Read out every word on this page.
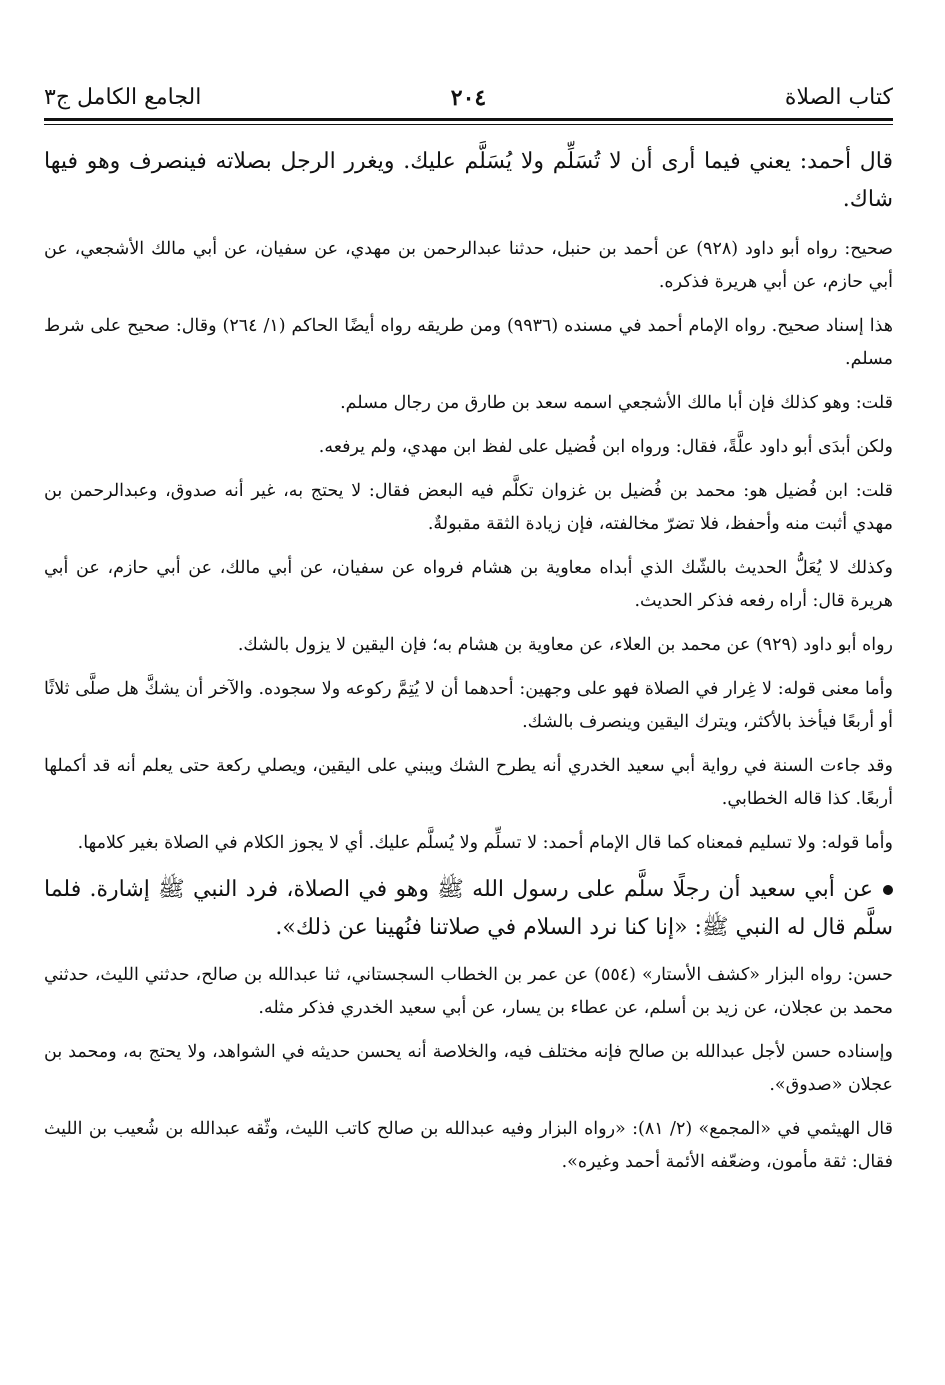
كتاب الصلاة
٢٠٤
الجامع الكامل ج٣

قال أحمد: يعني فيما أرى أن لا تُسَلِّم ولا يُسَلَّم عليك. ويغرر الرجل بصلاته فينصرف وهو فيها شاك.

صحيح: رواه أبو داود (٩٢٨) عن أحمد بن حنبل، حدثنا عبدالرحمن بن مهدي، عن سفيان، عن أبي مالك الأشجعي، عن أبي حازم، عن أبي هريرة فذكره.

هذا إسناد صحيح. رواه الإمام أحمد في مسنده (٩٩٣٦) ومن طريقه رواه أيضًا الحاكم (١/ ٢٦٤) وقال: صحيح على شرط مسلم.

قلت: وهو كذلك فإن أبا مالك الأشجعي اسمه سعد بن طارق من رجال مسلم.

ولكن أبدَى أبو داود علَّةً، فقال: ورواه ابن فُضيل على لفظ ابن مهدي، ولم يرفعه.

قلت: ابن فُضيل هو: محمد بن فُضيل بن غزوان تكلَّم فيه البعض فقال: لا يحتج به، غير أنه صدوق، وعبدالرحمن بن مهدي أثبت منه وأحفظ، فلا تضرّ مخالفته، فإن زيادة الثقة مقبولةٌ.

وكذلك لا يُعَلُّ الحديث بالشّك الذي أبداه معاوية بن هشام فرواه عن سفيان، عن أبي مالك، عن أبي حازم، عن أبي هريرة قال: أراه رفعه فذكر الحديث.

رواه أبو داود (٩٢٩) عن محمد بن العلاء، عن معاوية بن هشام به؛ فإن اليقين لا يزول بالشك.

وأما معنى قوله: لا غِرار في الصلاة فهو على وجهين: أحدهما أن لا يُتِمَّ ركوعه ولا سجوده. والآخر أن يشكَّ هل صلَّى ثلاثًا أو أربعًا فيأخذ بالأكثر، ويترك اليقين وينصرف بالشك.

وقد جاءت السنة في رواية أبي سعيد الخدري أنه يطرح الشك ويبني على اليقين، ويصلي ركعة حتى يعلم أنه قد أكملها أربعًا. كذا قاله الخطابي.

وأما قوله: ولا تسليم فمعناه كما قال الإمام أحمد: لا تسلِّم ولا يُسلَّم عليك. أي لا يجوز الكلام في الصلاة بغير كلامها.

عن أبي سعيد أن رجلًا سلَّم على رسول الله ﷺ وهو في الصلاة، فرد النبي ﷺ إشارة. فلما سلَّم قال له النبي ﷺ: «إنا كنا نرد السلام في صلاتنا فنُهينا عن ذلك».

حسن: رواه البزار «كشف الأستار» (٥٥٤) عن عمر بن الخطاب السجستاني، ثنا عبدالله بن صالح، حدثني الليث، حدثني محمد بن عجلان، عن زيد بن أسلم، عن عطاء بن يسار، عن أبي سعيد الخدري فذكر مثله.

وإسناده حسن لأجل عبدالله بن صالح فإنه مختلف فيه، والخلاصة أنه يحسن حديثه في الشواهد، ولا يحتج به، ومحمد بن عجلان «صدوق».

قال الهيثمي في «المجمع» (٢/ ٨١): «رواه البزار وفيه عبدالله بن صالح كاتب الليث، وثّقه عبدالله بن شُعيب بن الليث فقال: ثقة مأمون، وضعّفه الأئمة أحمد وغيره».
